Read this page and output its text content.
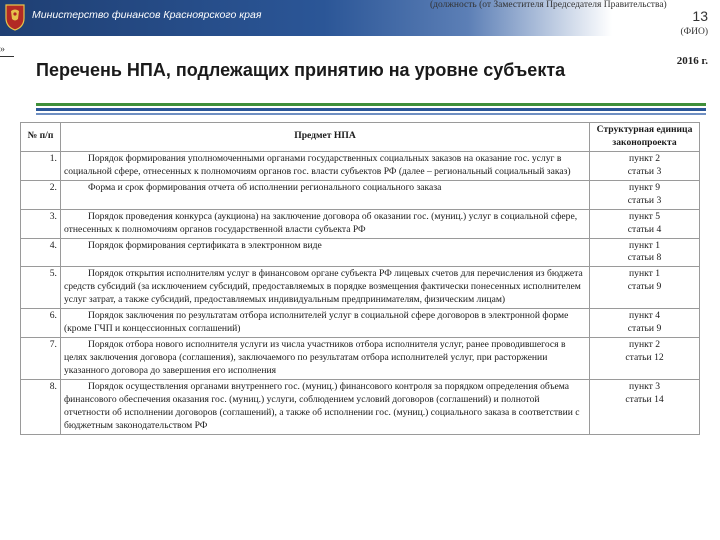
Министерство финансов Красноярского края
(должность (от Заместителя Председателя Правительства)
13
(ФИО)
2016 г.
»
Перечень НПА, подлежащих принятию на уровне субъекта
№ п/п	Предмет НПА	Структурная единица законопроекта
1.	Порядок формирования уполномоченными органами государственных социальных заказов на оказание гос. услуг в социальной сфере, отнесенных к полномочиям органов гос. власти субъектов РФ (далее – региональный социальный заказ)	пункт 2
статьи 3

2.	Форма и срок формирования отчета об исполнении регионального социального заказа	пункт 9
статьи 3

3.	Порядок проведения конкурса (аукциона) на заключение договора об оказании гос. (муниц.) услуг в социальной сфере, отнесенных к полномочиям органов государственной власти субъекта РФ	пункт 5
статьи 4

4.	Порядок формирования сертификата в электронном виде	пункт 1
статьи 8

5.	Порядок открытия исполнителям услуг в финансовом органе субъекта РФ лицевых счетов для перечисления из бюджета средств субсидий (за исключением субсидий, предоставляемых в порядке возмещения фактически понесенных исполнителем услуг затрат, а также субсидий, предоставляемых индивидуальным предпринимателям, физическим лицам)	пункт 1
статьи 9

6.	Порядок заключения по результатам отбора исполнителей услуг в социальной сфере договоров в электронной форме (кроме ГЧП и концессионных соглашений)	пункт 4
статьи 9

7.	Порядок отбора нового исполнителя услуги из числа участников отбора исполнителя услуг, ранее проводившегося в целях заключения договора (соглашения), заключаемого по результатам отбора исполнителей услуг, при расторжении указанного договора до завершения его исполнения	пункт 2
статьи 12

8.	Порядок осуществления органами внутреннего гос. (муниц.) финансового контроля за порядком определения объема финансового обеспечения оказания гос. (муниц.) услуги, соблюдением условий договоров (соглашений) и полнотой отчетности об исполнении договоров (соглашений), а также об исполнении гос. (муниц.) социального заказа в соответствии с бюджетным законодательством РФ	пункт 3
статьи 14
